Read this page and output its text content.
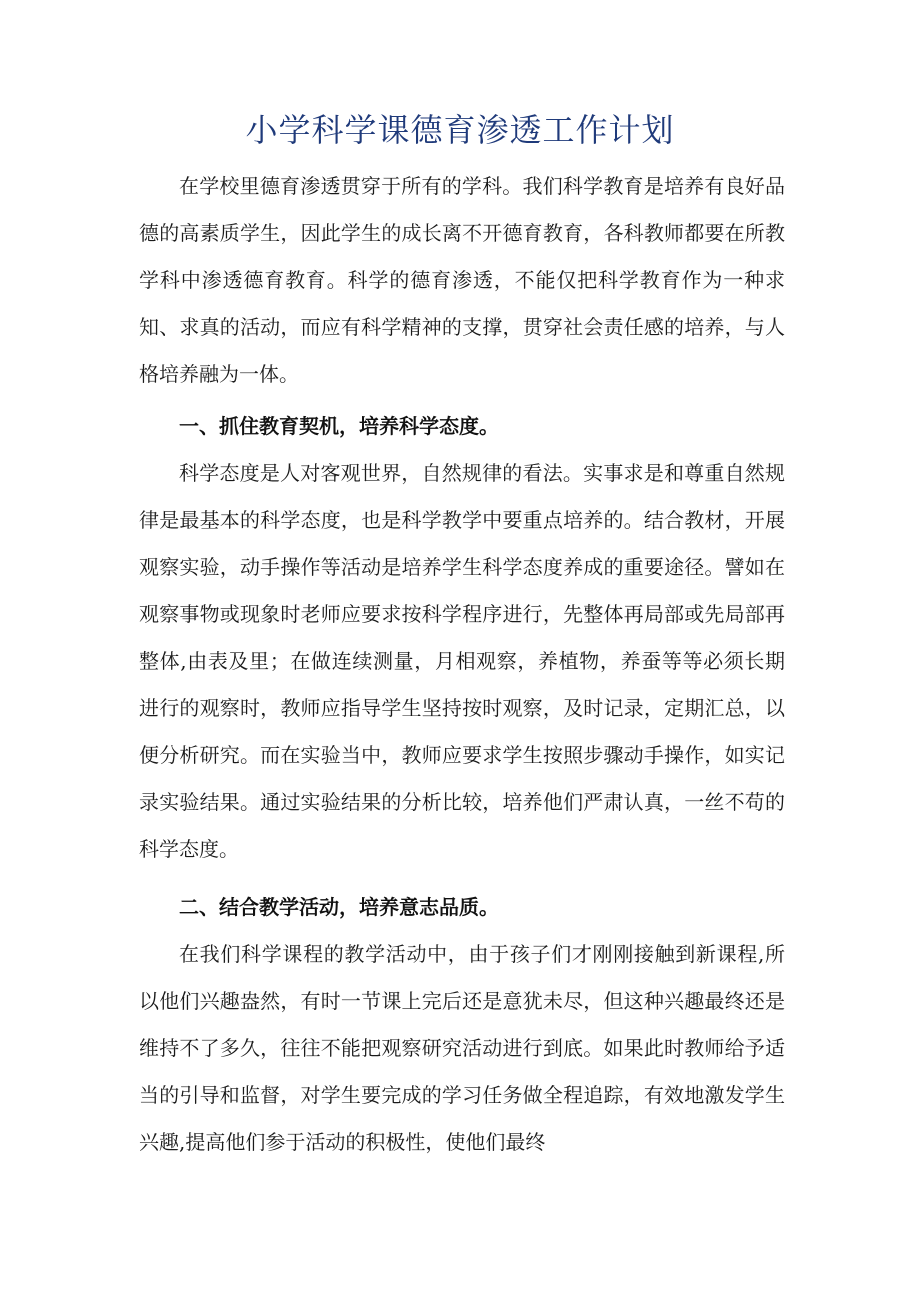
小学科学课德育渗透工作计划

在学校里德育渗透贯穿于所有的学科。我们科学教育是培养有良好品德的高素质学生，因此学生的成长离不开德育教育，各科教师都要在所教学科中渗透德育教育。科学的德育渗透，不能仅把科学教育作为一种求知、求真的活动，而应有科学精神的支撑，贯穿社会责任感的培养，与人格培养融为一体。

一、抓住教育契机，培养科学态度。

科学态度是人对客观世界，自然规律的看法。实事求是和尊重自然规律是最基本的科学态度，也是科学教学中要重点培养的。结合教材，开展观察实验，动手操作等活动是培养学生科学态度养成的重要途径。譬如在观察事物或现象时老师应要求按科学程序进行，先整体再局部或先局部再整体,由表及里；在做连续测量，月相观察，养植物，养蚕等等必须长期进行的观察时，教师应指导学生坚持按时观察，及时记录，定期汇总，以便分析研究。而在实验当中，教师应要求学生按照步骤动手操作，如实记录实验结果。通过实验结果的分析比较，培养他们严肃认真，一丝不苟的科学态度。

二、结合教学活动，培养意志品质。

在我们科学课程的教学活动中，由于孩子们才刚刚接触到新课程,所以他们兴趣盎然，有时一节课上完后还是意犹未尽，但这种兴趣最终还是维持不了多久，往往不能把观察研究活动进行到底。如果此时教师给予适当的引导和监督，对学生要完成的学习任务做全程追踪，有效地激发学生兴趣,提高他们参于活动的积极性，使他们最终
